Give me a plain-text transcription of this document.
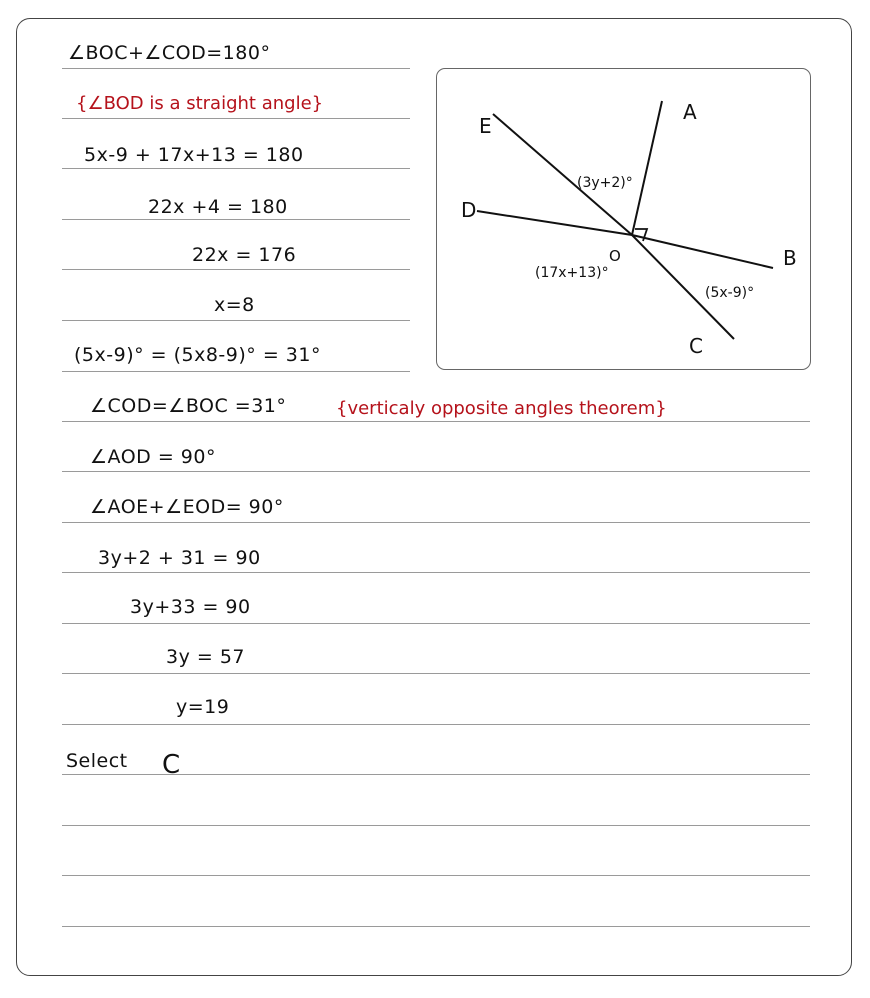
∠BOC+∠COD=180°
{∠BOD is a straight angle}
5x-9 + 17x+13 = 180
22x +4 = 180
22x = 176
x=8
(5x-9)° = (5x8-9)° = 31°
∠COD=∠BOC =31°	{verticaly opposite angles theorem}
∠AOD = 90°
∠AOE+∠EOD= 90°
3y+2 + 31 = 90
3y+33 = 90
3y = 57
y=19
Select C
A
B
C
D
E
O
(3y+2)°
(17x+13)°
(5x-9)°
